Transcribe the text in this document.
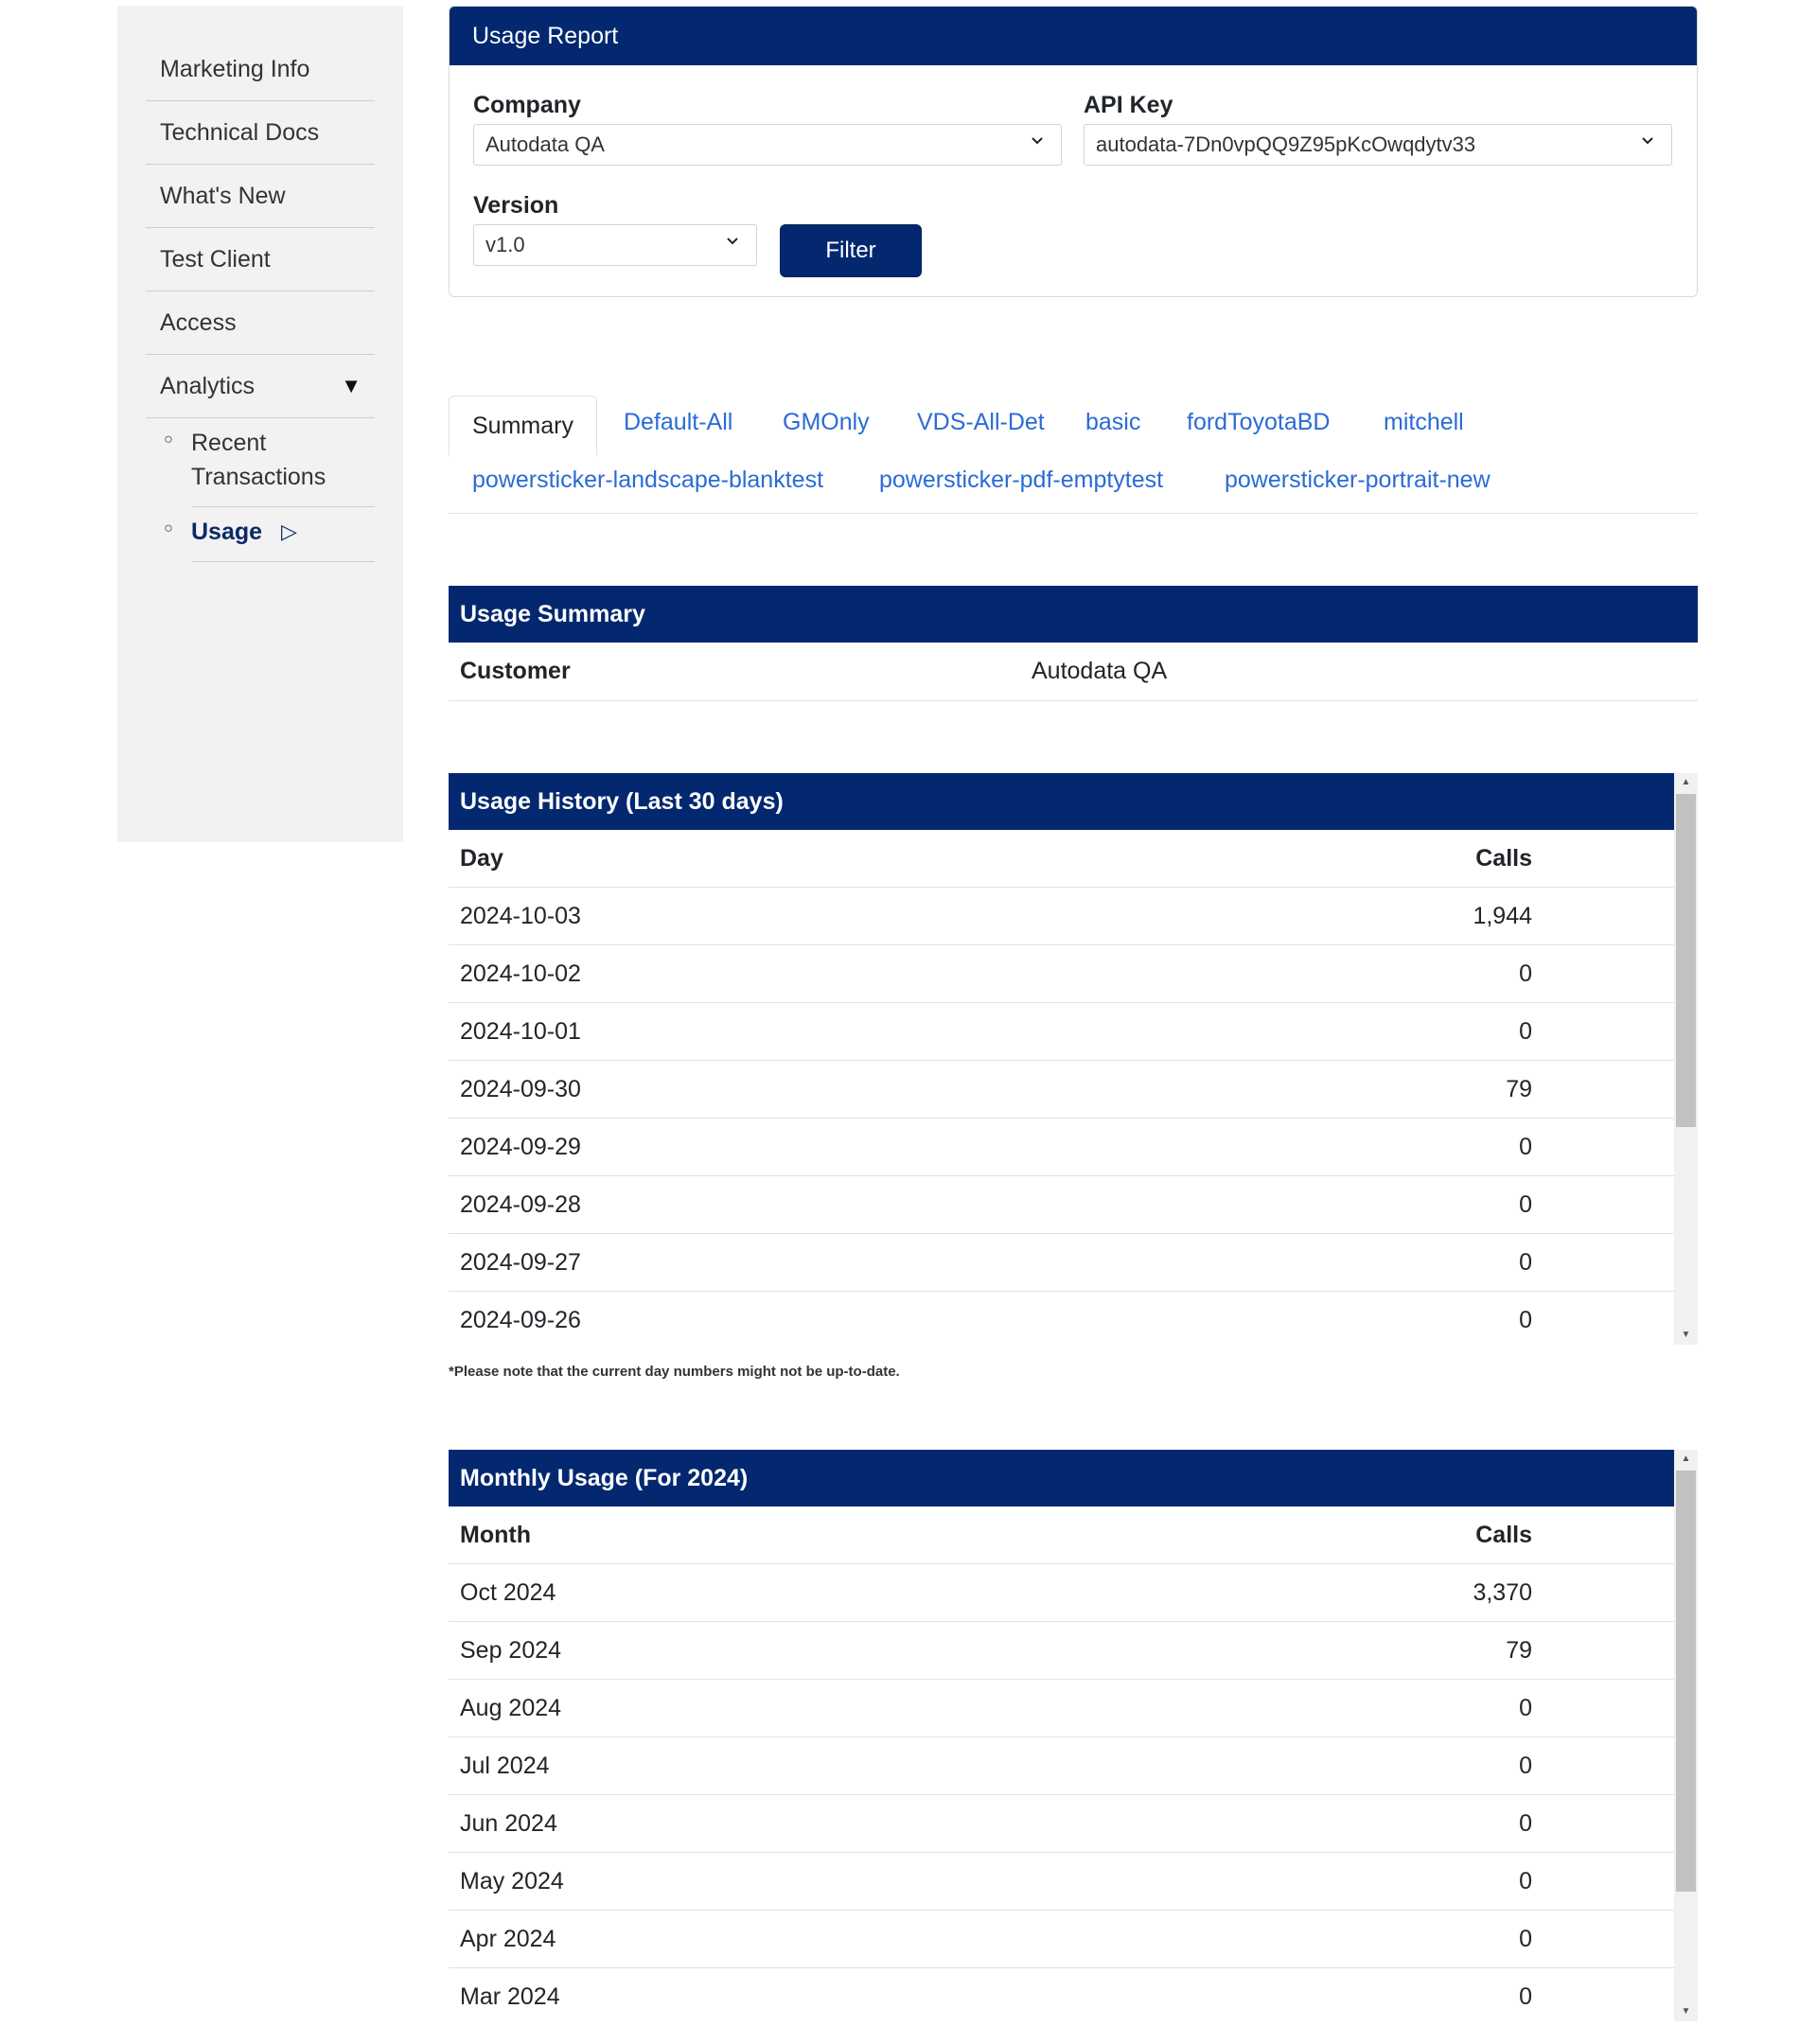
Marketing Info
Technical Docs
What's New
Test Client
Access
Analytics	▼
○ Recent Transactions
○ Usage ▷
Usage Report
Company
Autodata QA
API Key
autodata-7Dn0vpQQ9Z95pKcOwqdytv33
Version
v1.0	Filter
Summary	Default-All GMOnly VDS-All-Det basic fordToyotaBD mitchell
powersticker-landscape-blanktest powersticker-pdf-emptytest	powersticker-portrait-new
Usage Summary
Customer	Autodata QA
Usage History (Last 30 days)
Day	Calls
2024-10-03	1,944
2024-10-02	0
2024-10-01	0
2024-09-30	79
2024-09-29	0
2024-09-28	0
2024-09-27	0
2024-09-26	0
▲
▼
*Please note that the current day numbers might not be up-to-date.
Monthly Usage (For 2024)
Month	Calls
Oct 2024	3,370
Sep 2024	79
Aug 2024	0
Jul 2024	0
Jun 2024	0
May 2024	0
Apr 2024	0
Mar 2024	0
▲
▼
